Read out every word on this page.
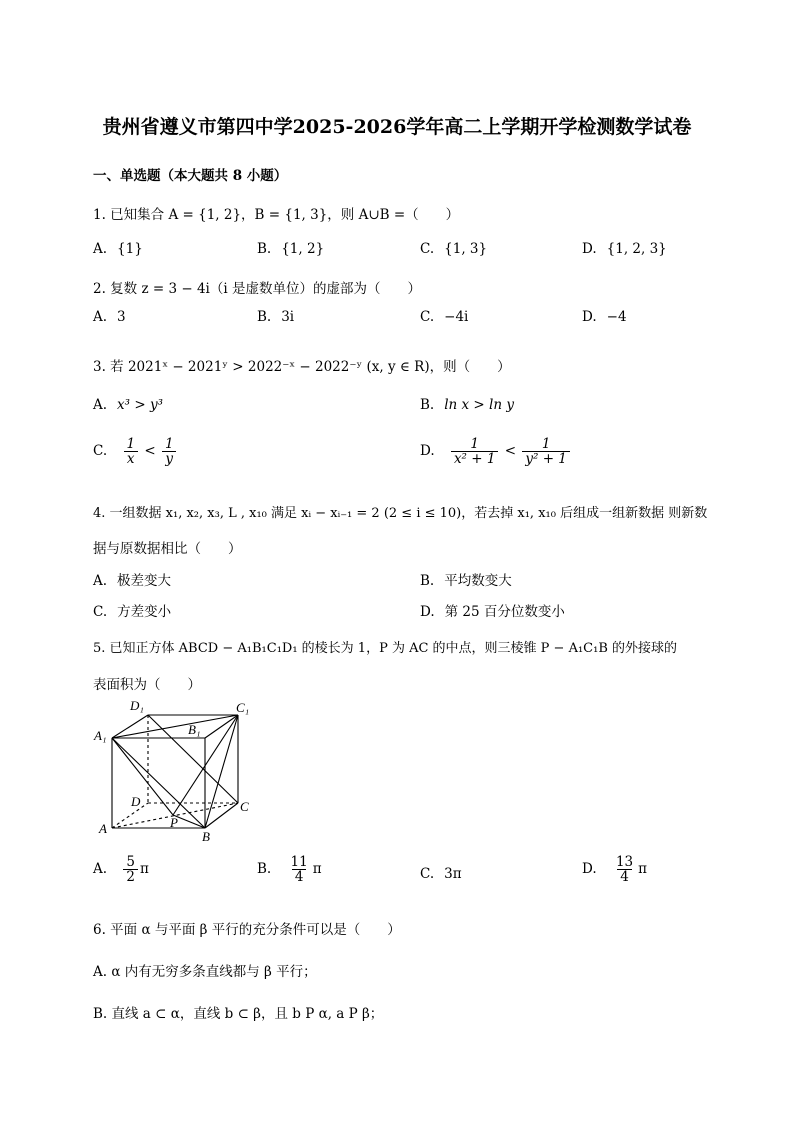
贵州省遵义市第四中学2025-2026学年高二上学期开学检测数学试卷
一、单选题（本大题共 8 小题）
1. 已知集合 A = {1, 2}，B = {1, 3}，则 A∪B =（　　）
A. {1}	B. {1, 2}	C. {1, 3}	D. {1, 2, 3}
2. 复数 z = 3 − 4i（i 是虚数单位）的虚部为（　　）
A. 3	B. 3i	C. −4i	D. −4
3. 若 2021ˣ − 2021ʸ > 2022⁻ˣ − 2022⁻ʸ (x, y ∈ R)，则（　　）
A. x³ > y³	B. ln x > ln y
C. $\frac{1}{x} < \frac{1}{y}$	D. $\frac{1}{\text{x² + 1}} < \frac{1}{\text{y² + 1}}$
4. 一组数据 x₁, x₂, x₃, L , x₁₀ 满足 xᵢ − xᵢ₋₁ = 2 (2 ≤ i ≤ 10)，若去掉 x₁, x₁₀ 后组成一组新数据 则新数
据与原数据相比（　　）
A. 极差变大	B. 平均数变大
C. 方差变小	D. 第 25 百分位数变小
5. 已知正方体 ABCD − A₁B₁C₁D₁ 的棱长为 1，P 为 AC 的中点，则三棱锥 P − A₁C₁B 的外接球的
表面积为（　　）
D₁	C₁
A₁	B₁
D	C
A	P
B
A. $\frac{5}{2}$ π	B. $\frac{11}{4}$ π	C. 3π	D. $\frac{13}{4}$ π
6. 平面 α 与平面 β 平行的充分条件可以是（　　）
A. α 内有无穷多条直线都与 β 平行；
B. 直线 a ⊂ α，直线 b ⊂ β，且 b P α, a P β；
